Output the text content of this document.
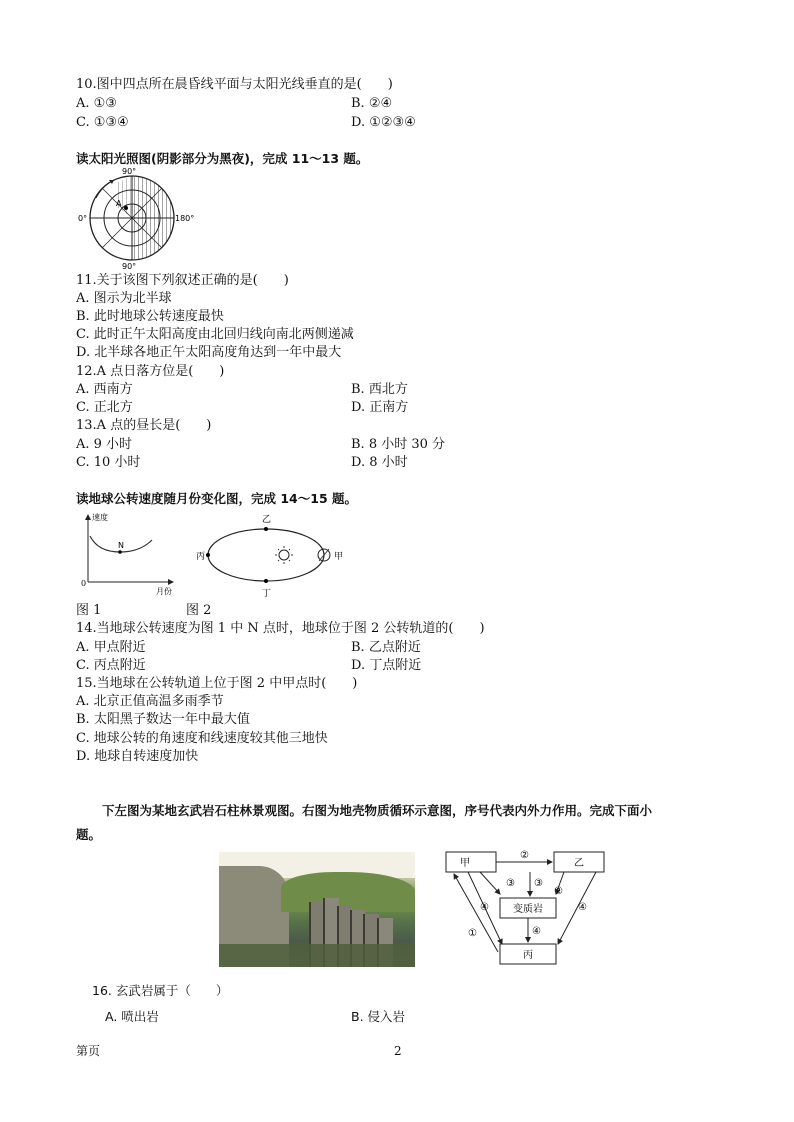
10.图中四点所在晨昏线平面与太阳光线垂直的是(　　)
A. ①③	B. ②④
C. ①③④	D. ①②③④
读太阳光照图(阴影部分为黑夜)，完成 11～13 题。
90°
90°
0°	180°
A
11.关于该图下列叙述正确的是(　　)
A. 图示为北半球
B. 此时地球公转速度最快
C. 此时正午太阳高度由北回归线向南北两侧递减
D. 北半球各地正午太阳高度角达到一年中最大
12.A 点日落方位是(　　)
A. 西南方	B. 西北方
C. 正北方	D. 正南方
13.A 点的昼长是(　　)
A. 9 小时	B. 8 小时 30 分
C. 10 小时	D. 8 小时
读地球公转速度随月份变化图，完成 14～15 题。
速度
N
0
月份
乙
丙
丁
甲
图 1	图 2
14.当地球公转速度为图 1 中 N 点时，地球位于图 2 公转轨道的(　　)
A. 甲点附近	B. 乙点附近
C. 丙点附近	D. 丁点附近
15.当地球在公转轨道上位于图 2 中甲点时(　　)
A. 北京正值高温多雨季节
B. 太阳黑子数达一年中最大值
C. 地球公转的角速度和线速度较其他三地快
D. 地球自转速度加快
下左图为某地玄武岩石柱林景观图。右图为地壳物质循环示意图，序号代表内外力作用。完成下面小
题。
甲	乙
变质岩
丙
②
③ ③
②
④	④
④
①
16. 玄武岩属于（　　）
A. 喷出岩	B. 侵入岩
第页	2
